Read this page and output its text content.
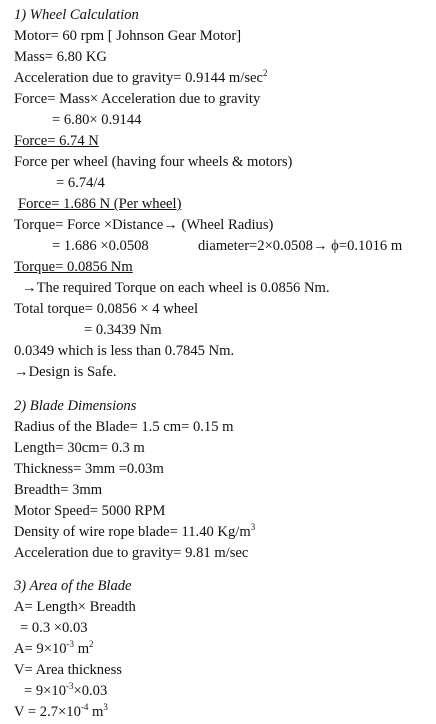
1) Wheel Calculation
Motor= 60 rpm [ Johnson Gear Motor]
Mass= 6.80 KG
Acceleration due to gravity= 0.9144 $m/\sec^2$
Force= Mass× Acceleration due to gravity
= 6.80× 0.9144
Force= 6.74 N
Force per wheel (having four wheels & motors)
= 6.74/4
Force= 1.686 N (Per wheel)
Torque= Force ×Distance→ (Wheel Radius)
= 1.686 ×0.0508	diameter=2×0.0508→ ϕ=0.1016 m
Torque= 0.0856 Nm
→The required Torque on each wheel is 0.0856 Nm.
Total torque= 0.0856 × 4 wheel
= 0.3439 Nm
0.0349 which is less than 0.7845 Nm.
→Design is Safe.
2) Blade Dimensions
Radius of the Blade= 1.5 cm= 0.15 m
Length= 30cm= 0.3 m
Thickness= 3mm =0.03m
Breadth= 3mm
Motor Speed= 5000 RPM
Density of wire rope blade= 11.40 $Kg/m^3$
Acceleration due to gravity= 9.81 m/sec
3) Area of the Blade
A= Length× Breadth
= 0.3 ×0.03
$A= 9\times 10^{-3}$ $m^2$
V= Area thickness
= $9\times 10^{-3}\times 0.03$
$V = 2.7\times 10^{-4}$ $m^3$
